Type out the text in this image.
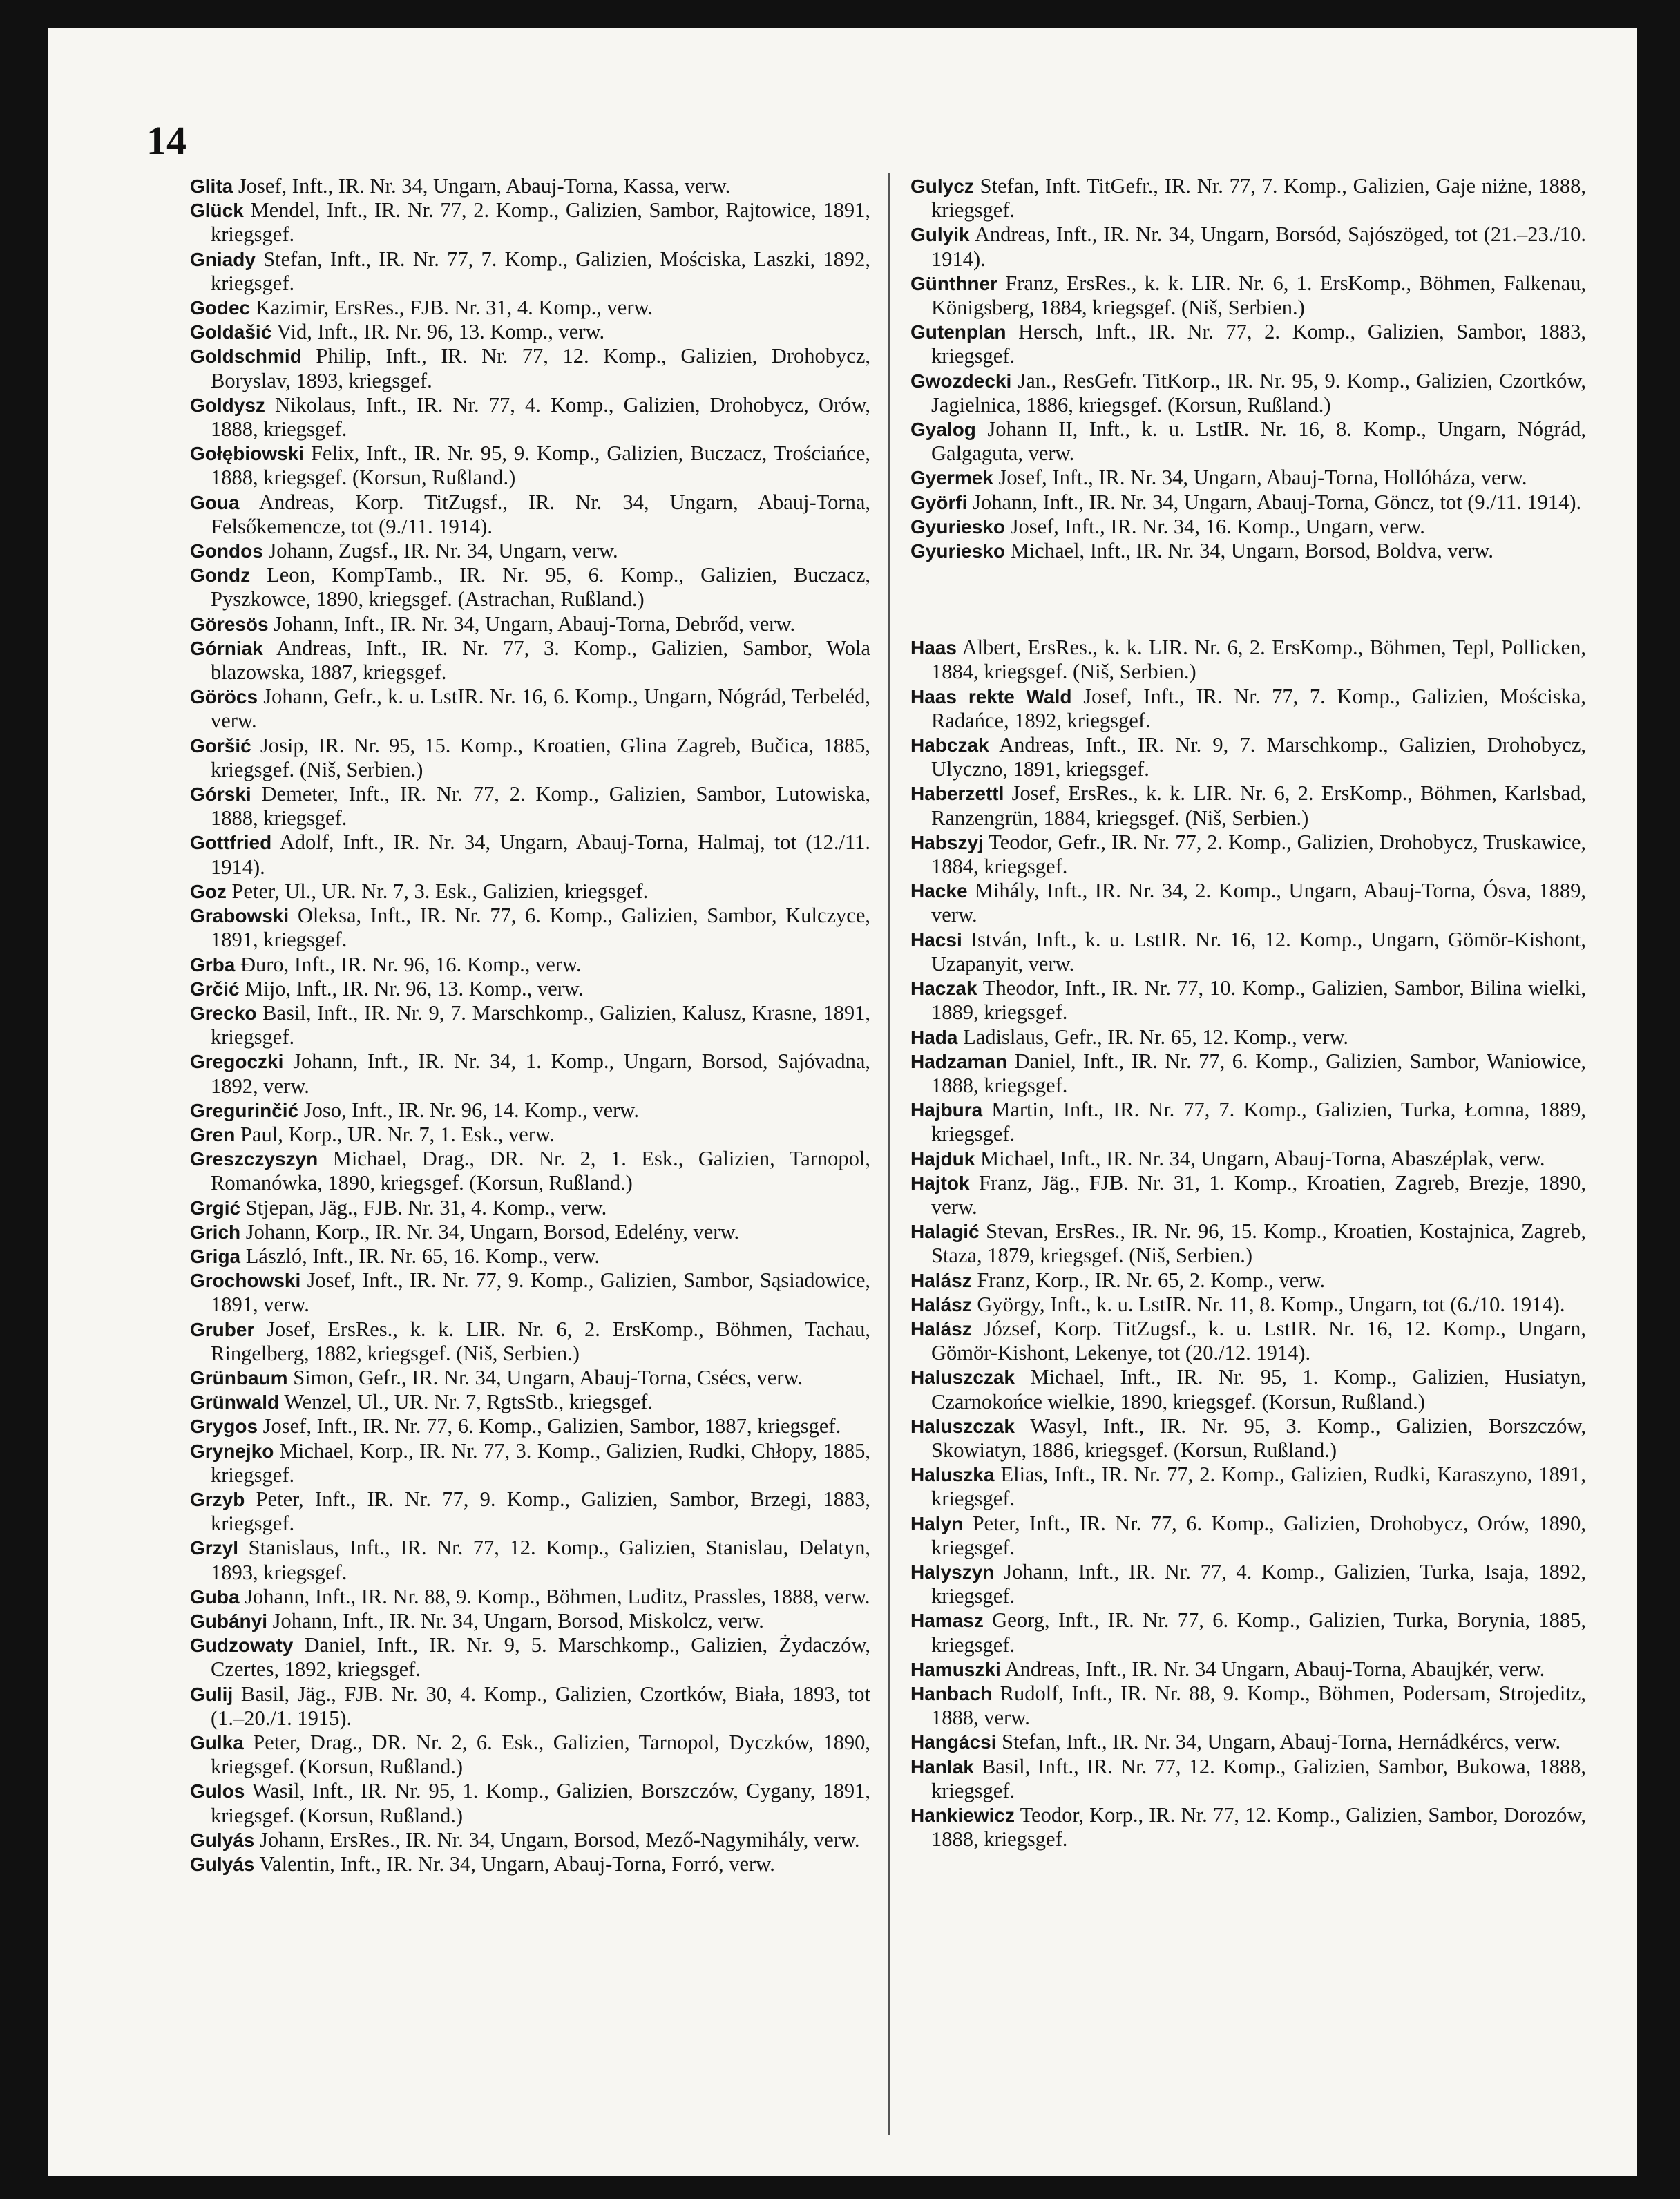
14
Glita Josef, Inft., IR. Nr. 34, Ungarn, Abauj-Torna, Kassa, verw.
Glück Mendel, Inft., IR. Nr. 77, 2. Komp., Galizien, Sambor, Rajtowice, 1891, kriegsgef.
Gniady Stefan, Inft., IR. Nr. 77, 7. Komp., Galizien, Mościska, Laszki, 1892, kriegsgef.
Godec Kazimir, ErsRes., FJB. Nr. 31, 4. Komp., verw.
Goldašić Vid, Inft., IR. Nr. 96, 13. Komp., verw.
Goldschmid Philip, Inft., IR. Nr. 77, 12. Komp., Galizien, Drohobycz, Boryslav, 1893, kriegsgef.
Goldysz Nikolaus, Inft., IR. Nr. 77, 4. Komp., Galizien, Drohobycz, Orów, 1888, kriegsgef.
Gołębiowski Felix, Inft., IR. Nr. 95, 9. Komp., Galizien, Buczacz, Trościańce, 1888, kriegsgef. (Korsun, Rußland.)
Goua Andreas, Korp. TitZugsf., IR. Nr. 34, Ungarn, Abauj-Torna, Felsőkemencze, tot (9./11. 1914).
Gondos Johann, Zugsf., IR. Nr. 34, Ungarn, verw.
Gondz Leon, KompTamb., IR. Nr. 95, 6. Komp., Galizien, Buczacz, Pyszkowce, 1890, kriegsgef. (Astrachan, Rußland.)
Göresös Johann, Inft., IR. Nr. 34, Ungarn, Abauj-Torna, Debrőd, verw.
Górniak Andreas, Inft., IR. Nr. 77, 3. Komp., Galizien, Sambor, Wola blazowska, 1887, kriegsgef.
Göröcs Johann, Gefr., k. u. LstIR. Nr. 16, 6. Komp., Ungarn, Nógrád, Terbeléd, verw.
Goršić Josip, IR. Nr. 95, 15. Komp., Kroatien, Glina Zagreb, Bučica, 1885, kriegsgef. (Niš, Serbien.)
Górski Demeter, Inft., IR. Nr. 77, 2. Komp., Galizien, Sambor, Lutowiska, 1888, kriegsgef.
Gottfried Adolf, Inft., IR. Nr. 34, Ungarn, Abauj-Torna, Halmaj, tot (12./11. 1914).
Goz Peter, Ul., UR. Nr. 7, 3. Esk., Galizien, kriegsgef.
Grabowski Oleksa, Inft., IR. Nr. 77, 6. Komp., Galizien, Sambor, Kulczyce, 1891, kriegsgef.
Grba Đuro, Inft., IR. Nr. 96, 16. Komp., verw.
Grčić Mijo, Inft., IR. Nr. 96, 13. Komp., verw.
Grecko Basil, Inft., IR. Nr. 9, 7. Marschkomp., Galizien, Kalusz, Krasne, 1891, kriegsgef.
Gregoczki Johann, Inft., IR. Nr. 34, 1. Komp., Ungarn, Borsod, Sajóvadna, 1892, verw.
Gregurinčić Joso, Inft., IR. Nr. 96, 14. Komp., verw.
Gren Paul, Korp., UR. Nr. 7, 1. Esk., verw.
Greszczyszyn Michael, Drag., DR. Nr. 2, 1. Esk., Galizien, Tarnopol, Romanówka, 1890, kriegsgef. (Korsun, Rußland.)
Grgić Stjepan, Jäg., FJB. Nr. 31, 4. Komp., verw.
Grich Johann, Korp., IR. Nr. 34, Ungarn, Borsod, Edelény, verw.
Griga László, Inft., IR. Nr. 65, 16. Komp., verw.
Grochowski Josef, Inft., IR. Nr. 77, 9. Komp., Galizien, Sambor, Sąsiadowice, 1891, verw.
Gruber Josef, ErsRes., k. k. LIR. Nr. 6, 2. ErsKomp., Böhmen, Tachau, Ringelberg, 1882, kriegsgef. (Niš, Serbien.)
Grünbaum Simon, Gefr., IR. Nr. 34, Ungarn, Abauj-Torna, Csécs, verw.
Grünwald Wenzel, Ul., UR. Nr. 7, RgtsStb., kriegsgef.
Grygos Josef, Inft., IR. Nr. 77, 6. Komp., Galizien, Sambor, 1887, kriegsgef.
Grynejko Michael, Korp., IR. Nr. 77, 3. Komp., Galizien, Rudki, Chłopy, 1885, kriegsgef.
Grzyb Peter, Inft., IR. Nr. 77, 9. Komp., Galizien, Sambor, Brzegi, 1883, kriegsgef.
Grzyl Stanislaus, Inft., IR. Nr. 77, 12. Komp., Galizien, Stanislau, Delatyn, 1893, kriegsgef.
Guba Johann, Inft., IR. Nr. 88, 9. Komp., Böhmen, Luditz, Prassles, 1888, verw.
Gubányi Johann, Inft., IR. Nr. 34, Ungarn, Borsod, Miskolcz, verw.
Gudzowaty Daniel, Inft., IR. Nr. 9, 5. Marschkomp., Galizien, Żydaczów, Czertes, 1892, kriegsgef.
Gulij Basil, Jäg., FJB. Nr. 30, 4. Komp., Galizien, Czortków, Biała, 1893, tot (1.–20./1. 1915).
Gulka Peter, Drag., DR. Nr. 2, 6. Esk., Galizien, Tarnopol, Dyczków, 1890, kriegsgef. (Korsun, Rußland.)
Gulos Wasil, Inft., IR. Nr. 95, 1. Komp., Galizien, Borszczów, Cygany, 1891, kriegsgef. (Korsun, Rußland.)
Gulyás Johann, ErsRes., IR. Nr. 34, Ungarn, Borsod, Mező-Nagymihály, verw.
Gulyás Valentin, Inft., IR. Nr. 34, Ungarn, Abauj-Torna, Forró, verw.
Gulycz Stefan, Inft. TitGefr., IR. Nr. 77, 7. Komp., Galizien, Gaje niżne, 1888, kriegsgef.
Gulyik Andreas, Inft., IR. Nr. 34, Ungarn, Borsód, Sajószöged, tot (21.–23./10. 1914).
Günthner Franz, ErsRes., k. k. LIR. Nr. 6, 1. ErsKomp., Böhmen, Falkenau, Königsberg, 1884, kriegsgef. (Niš, Serbien.)
Gutenplan Hersch, Inft., IR. Nr. 77, 2. Komp., Galizien, Sambor, 1883, kriegsgef.
Gwozdecki Jan., ResGefr. TitKorp., IR. Nr. 95, 9. Komp., Galizien, Czortków, Jagielnica, 1886, kriegsgef. (Korsun, Rußland.)
Gyalog Johann II, Inft., k. u. LstIR. Nr. 16, 8. Komp., Ungarn, Nógrád, Galgaguta, verw.
Gyermek Josef, Inft., IR. Nr. 34, Ungarn, Abauj-Torna, Hollóháza, verw.
Györfi Johann, Inft., IR. Nr. 34, Ungarn, Abauj-Torna, Göncz, tot (9./11. 1914).
Gyuriesko Josef, Inft., IR. Nr. 34, 16. Komp., Ungarn, verw.
Gyuriesko Michael, Inft., IR. Nr. 34, Ungarn, Borsod, Boldva, verw.
Haas Albert, ErsRes., k. k. LIR. Nr. 6, 2. ErsKomp., Böhmen, Tepl, Pollicken, 1884, kriegsgef. (Niš, Serbien.)
Haas rekte Wald Josef, Inft., IR. Nr. 77, 7. Komp., Galizien, Mościska, Radańce, 1892, kriegsgef.
Habczak Andreas, Inft., IR. Nr. 9, 7. Marschkomp., Galizien, Drohobycz, Ulyczno, 1891, kriegsgef.
Haberzettl Josef, ErsRes., k. k. LIR. Nr. 6, 2. ErsKomp., Böhmen, Karlsbad, Ranzengrün, 1884, kriegsgef. (Niš, Serbien.)
Habszyj Teodor, Gefr., IR. Nr. 77, 2. Komp., Galizien, Drohobycz, Truskawice, 1884, kriegsgef.
Hacke Mihály, Inft., IR. Nr. 34, 2. Komp., Ungarn, Abauj-Torna, Ósva, 1889, verw.
Hacsi István, Inft., k. u. LstIR. Nr. 16, 12. Komp., Ungarn, Gömör-Kishont, Uzapanyit, verw.
Haczak Theodor, Inft., IR. Nr. 77, 10. Komp., Galizien, Sambor, Bilina wielki, 1889, kriegsgef.
Hada Ladislaus, Gefr., IR. Nr. 65, 12. Komp., verw.
Hadzaman Daniel, Inft., IR. Nr. 77, 6. Komp., Galizien, Sambor, Waniowice, 1888, kriegsgef.
Hajbura Martin, Inft., IR. Nr. 77, 7. Komp., Galizien, Turka, Łomna, 1889, kriegsgef.
Hajduk Michael, Inft., IR. Nr. 34, Ungarn, Abauj-Torna, Abaszéplak, verw.
Hajtok Franz, Jäg., FJB. Nr. 31, 1. Komp., Kroatien, Zagreb, Brezje, 1890, verw.
Halagić Stevan, ErsRes., IR. Nr. 96, 15. Komp., Kroatien, Kostajnica, Zagreb, Staza, 1879, kriegsgef. (Niš, Serbien.)
Halász Franz, Korp., IR. Nr. 65, 2. Komp., verw.
Halász György, Inft., k. u. LstIR. Nr. 11, 8. Komp., Ungarn, tot (6./10. 1914).
Halász József, Korp. TitZugsf., k. u. LstIR. Nr. 16, 12. Komp., Ungarn, Gömör-Kishont, Lekenye, tot (20./12. 1914).
Haluszczak Michael, Inft., IR. Nr. 95, 1. Komp., Galizien, Husiatyn, Czarnokońce wielkie, 1890, kriegsgef. (Korsun, Rußland.)
Haluszczak Wasyl, Inft., IR. Nr. 95, 3. Komp., Galizien, Borszczów, Skowiatyn, 1886, kriegsgef. (Korsun, Rußland.)
Haluszka Elias, Inft., IR. Nr. 77, 2. Komp., Galizien, Rudki, Karaszyno, 1891, kriegsgef.
Halyn Peter, Inft., IR. Nr. 77, 6. Komp., Galizien, Drohobycz, Orów, 1890, kriegsgef.
Halyszyn Johann, Inft., IR. Nr. 77, 4. Komp., Galizien, Turka, Isaja, 1892, kriegsgef.
Hamasz Georg, Inft., IR. Nr. 77, 6. Komp., Galizien, Turka, Borynia, 1885, kriegsgef.
Hamuszki Andreas, Inft., IR. Nr. 34 Ungarn, Abauj-Torna, Abaujkér, verw.
Hanbach Rudolf, Inft., IR. Nr. 88, 9. Komp., Böhmen, Podersam, Strojeditz, 1888, verw.
Hangácsi Stefan, Inft., IR. Nr. 34, Ungarn, Abauj-Torna, Hernádkércs, verw.
Hanlak Basil, Inft., IR. Nr. 77, 12. Komp., Galizien, Sambor, Bukowa, 1888, kriegsgef.
Hankiewicz Teodor, Korp., IR. Nr. 77, 12. Komp., Galizien, Sambor, Dorozów, 1888, kriegsgef.
